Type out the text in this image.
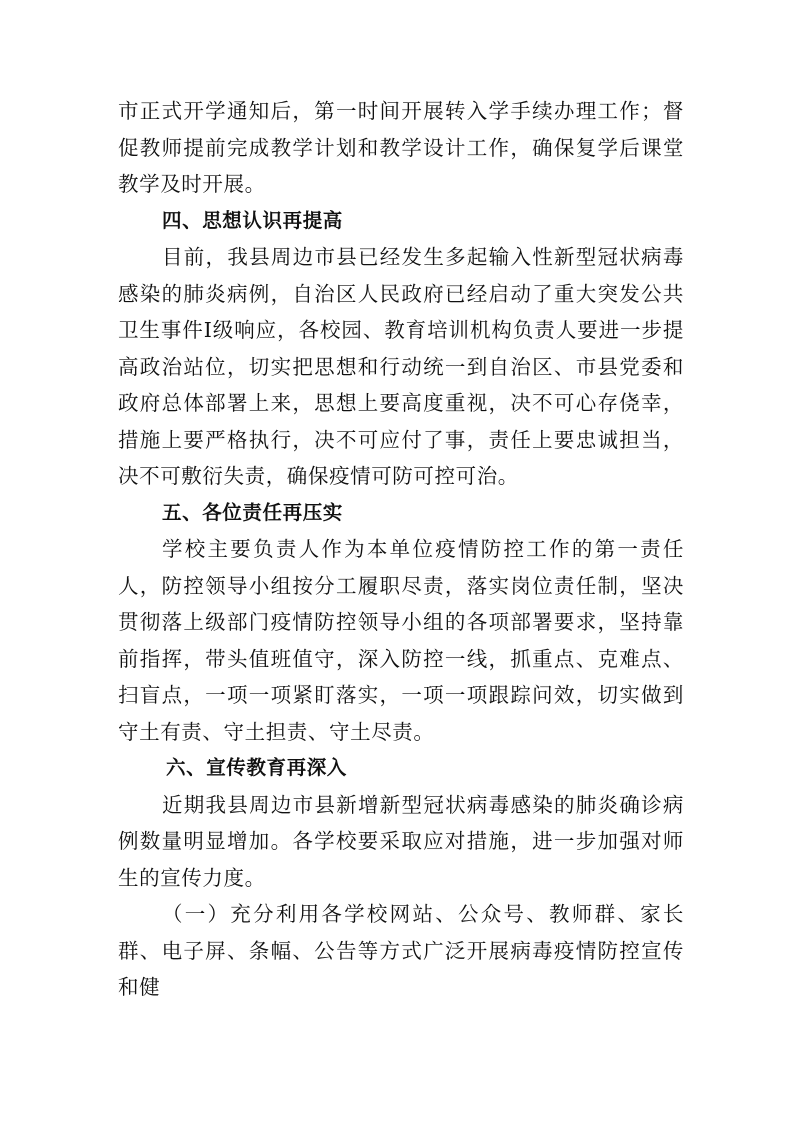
市正式开学通知后，第一时间开展转入学手续办理工作；督促教师提前完成教学计划和教学设计工作，确保复学后课堂教学及时开展。

四、思想认识再提高

目前，我县周边市县已经发生多起输入性新型冠状病毒感染的肺炎病例，自治区人民政府已经启动了重大突发公共卫生事件Ⅰ级响应，各校园、教育培训机构负责人要进一步提高政治站位，切实把思想和行动统一到自治区、市县党委和政府总体部署上来，思想上要高度重视，决不可心存侥幸，措施上要严格执行，决不可应付了事，责任上要忠诚担当，决不可敷衍失责，确保疫情可防可控可治。

五、各位责任再压实

学校主要负责人作为本单位疫情防控工作的第一责任人，防控领导小组按分工履职尽责，落实岗位责任制，坚决贯彻落上级部门疫情防控领导小组的各项部署要求，坚持靠前指挥，带头值班值守，深入防控一线，抓重点、克难点、扫盲点，一项一项紧盯落实，一项一项跟踪问效，切实做到守土有责、守土担责、守土尽责。

六、宣传教育再深入

近期我县周边市县新增新型冠状病毒感染的肺炎确诊病例数量明显增加。各学校要采取应对措施，进一步加强对师生的宣传力度。

（一）充分利用各学校网站、公众号、教师群、家长群、电子屏、条幅、公告等方式广泛开展病毒疫情防控宣传和健
